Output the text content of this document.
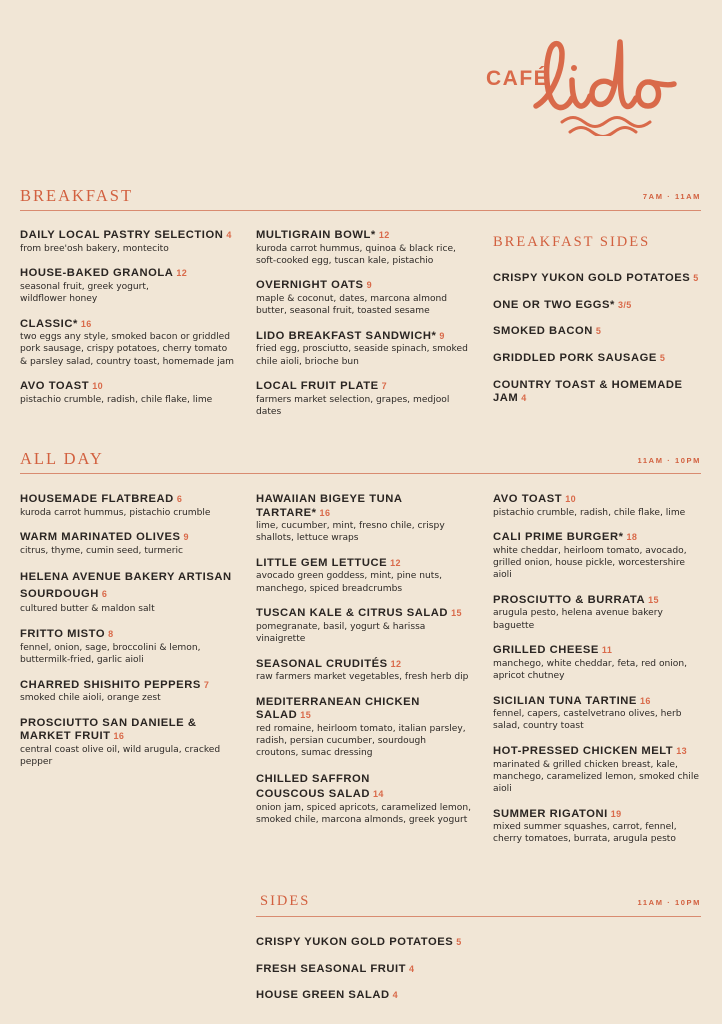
CAFÉ
BREAKFAST	7AM · 11AM
DAILY LOCAL PASTRY SELECTION 4
from bree'osh bakery, montecito
HOUSE-BAKED GRANOLA 12
seasonal fruit, greek yogurt, wildflower honey
CLASSIC* 16
two eggs any style, smoked bacon or griddled pork sausage, crispy potatoes, cherry tomato & parsley salad, country toast, homemade jam
AVO TOAST 10
pistachio crumble, radish, chile flake, lime
MULTIGRAIN BOWL* 12
kuroda carrot hummus, quinoa & black rice, soft-cooked egg, tuscan kale, pistachio
OVERNIGHT OATS 9
maple & coconut, dates, marcona almond butter, seasonal fruit, toasted sesame
LIDO BREAKFAST SANDWICH* 9
fried egg, prosciutto, seaside spinach, smoked chile aioli, brioche bun
LOCAL FRUIT PLATE 7
farmers market selection, grapes, medjool dates
BREAKFAST SIDES
CRISPY YUKON GOLD POTATOES 5
ONE OR TWO EGGS* 3/5
SMOKED BACON 5
GRIDDLED PORK SAUSAGE 5
COUNTRY TOAST & HOMEMADE JAM 4
ALL DAY	11AM · 10PM
HOUSEMADE FLATBREAD 6
kuroda carrot hummus, pistachio crumble
WARM MARINATED OLIVES 9
citrus, thyme, cumin seed, turmeric
HELENA AVENUE BAKERY ARTISAN SOURDOUGH 6
cultured butter & maldon salt
FRITTO MISTO 8
fennel, onion, sage, broccolini & lemon, buttermilk-fried, garlic aioli
CHARRED SHISHITO PEPPERS 7
smoked chile aioli, orange zest
PROSCIUTTO SAN DANIELE & MARKET FRUIT 16
central coast olive oil, wild arugula, cracked pepper
HAWAIIAN BIGEYE TUNA TARTARE* 16
lime, cucumber, mint, fresno chile, crispy shallots, lettuce wraps
LITTLE GEM LETTUCE 12
avocado green goddess, mint, pine nuts, manchego, spiced breadcrumbs
TUSCAN KALE & CITRUS SALAD 15
pomegranate, basil, yogurt & harissa vinaigrette
SEASONAL CRUDITÉS 12
raw farmers market vegetables, fresh herb dip
MEDITERRANEAN CHICKEN SALAD 15
red romaine, heirloom tomato, italian parsley, radish, persian cucumber, sourdough croutons, sumac dressing
CHILLED SAFFRON COUSCOUS SALAD 14
onion jam, spiced apricots, caramelized lemon, smoked chile, marcona almonds, greek yogurt
AVO TOAST 10
pistachio crumble, radish, chile flake, lime
CALI PRIME BURGER* 18
white cheddar, heirloom tomato, avocado, grilled onion, house pickle, worcestershire aioli
PROSCIUTTO & BURRATA 15
arugula pesto, helena avenue bakery baguette
GRILLED CHEESE 11
manchego, white cheddar, feta, red onion, apricot chutney
SICILIAN TUNA TARTINE 16
fennel, capers, castelvetrano olives, herb salad, country toast
HOT-PRESSED CHICKEN MELT 13
marinated & grilled chicken breast, kale, manchego, caramelized lemon, smoked chile aioli
SUMMER RIGATONI 19
mixed summer squashes, carrot, fennel, cherry tomatoes, burrata, arugula pesto
SIDES	11AM · 10PM
CRISPY YUKON GOLD POTATOES 5
FRESH SEASONAL FRUIT 4
HOUSE GREEN SALAD 4
